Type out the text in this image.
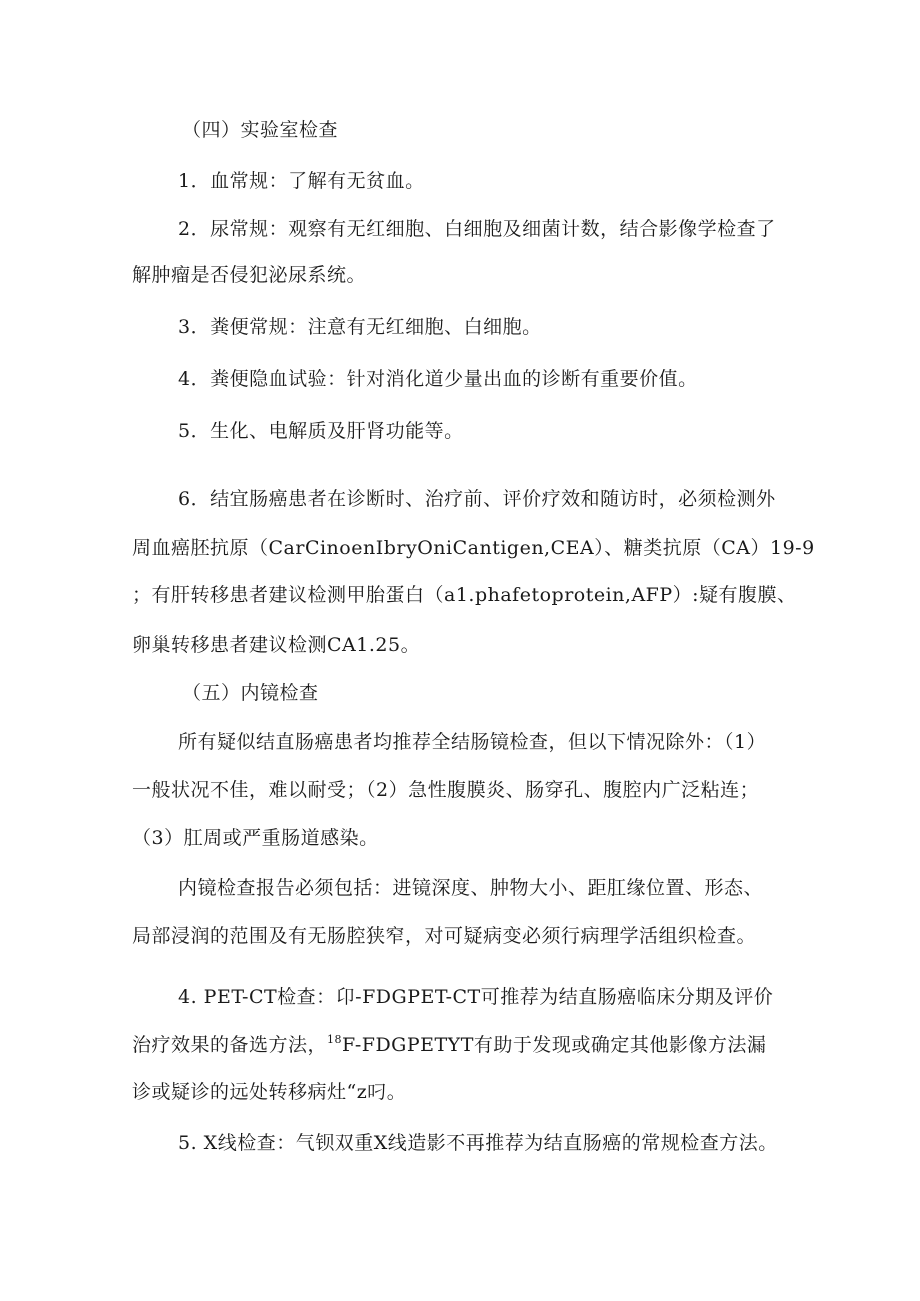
（四）实验室检查
1．血常规：了解有无贫血。
2．尿常规：观察有无红细胞、白细胞及细菌计数，结合影像学检查了
解肿瘤是否侵犯泌尿系统。
3．粪便常规：注意有无红细胞、白细胞。
4．粪便隐血试验：针对消化道少量出血的诊断有重要价值。
5．生化、电解质及肝肾功能等。
6．结宜肠癌患者在诊断时、治疗前、评价疗效和随访时，必须检测外
周血癌胚抗原（CarCinoenIbryOniCantigen,CEA）、糖类抗原（CA）19-9
；有肝转移患者建议检测甲胎蛋白（a1.phafetoprotein,AFP）:疑有腹膜、
卵巢转移患者建议检测CA1.25。
（五）内镜检查
所有疑似结直肠癌患者均推荐全结肠镜检查，但以下情况除外：（1）
一般状况不佳，难以耐受；（2）急性腹膜炎、肠穿孔、腹腔内广泛粘连；
（3）肛周或严重肠道感染。
内镜检查报告必须包括：进镜深度、肿物大小、距肛缘位置、形态、
局部浸润的范围及有无肠腔狭窄，对可疑病变必须行病理学活组织检查。
4. PET-CT检查：卬-FDGPET-CT可推荐为结直肠癌临床分期及评价
治疗效果的备选方法，$^{18}$F-FDGPETYT有助于发现或确定其他影像方法漏
诊或疑诊的远处转移病灶“z叼。
5. X线检查：气钡双重X线造影不再推荐为结直肠癌的常规检查方法。
